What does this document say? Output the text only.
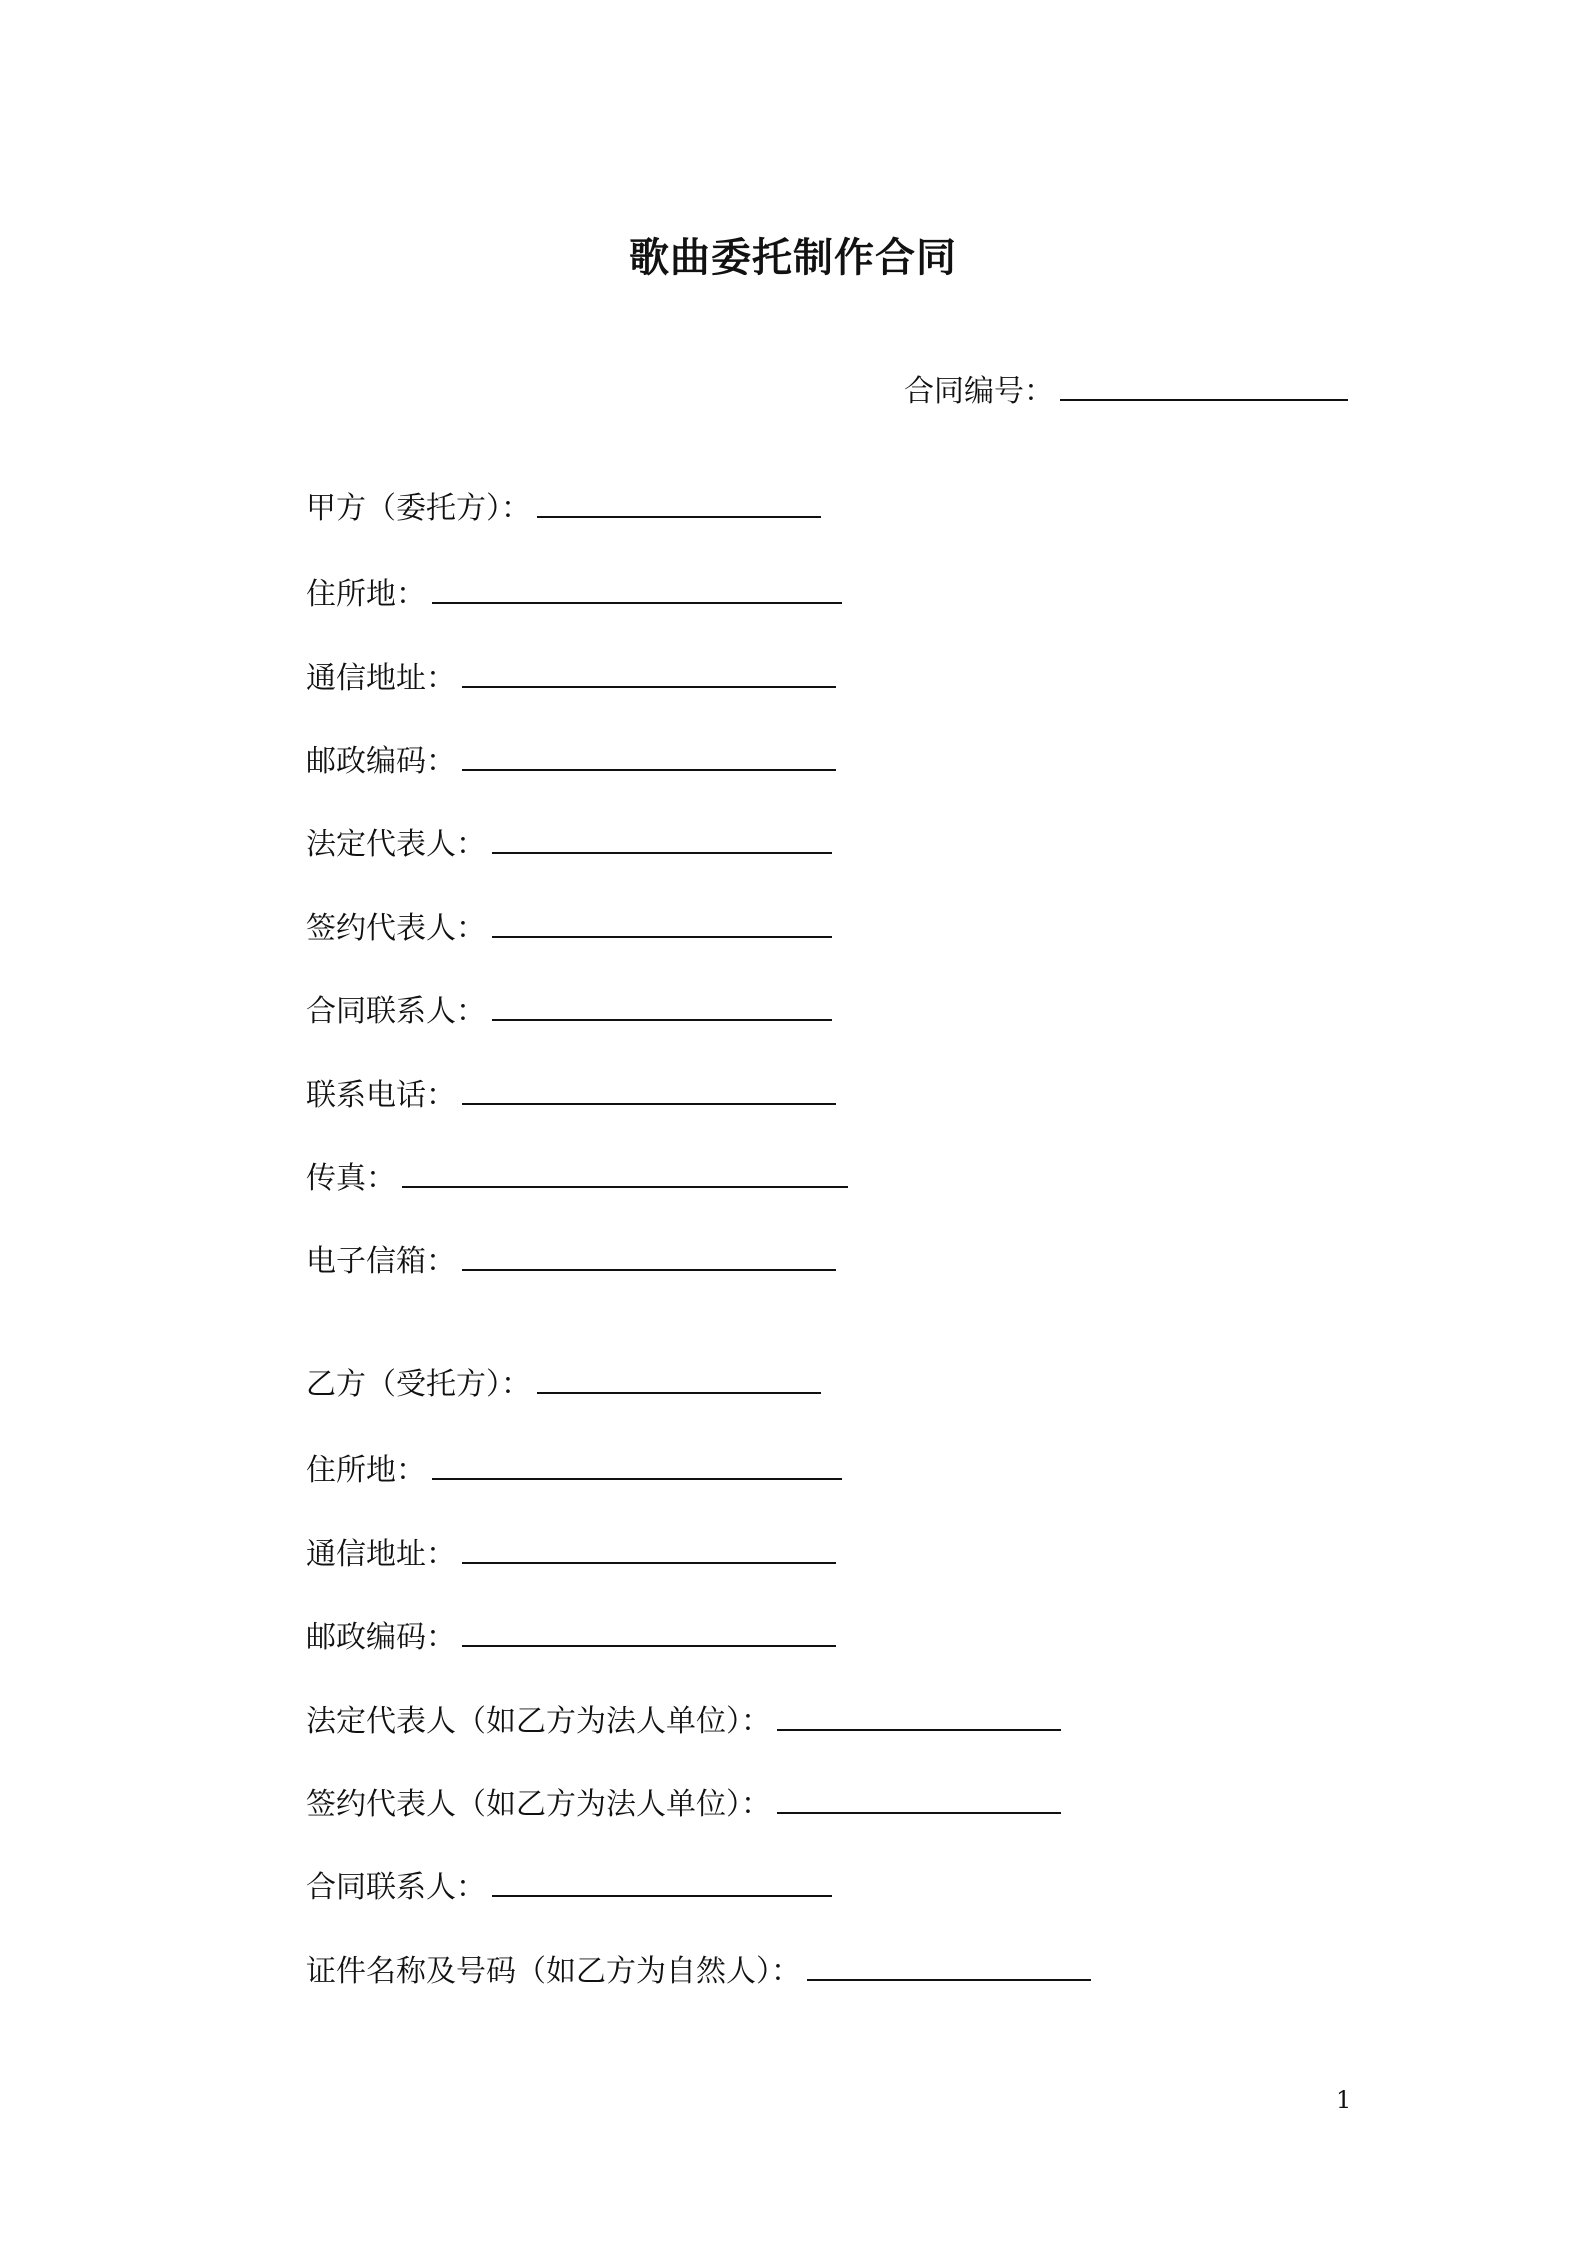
歌曲委托制作合同
合同编号：
甲方（委托方）：
住所地：
通信地址：
邮政编码：
法定代表人：
签约代表人：
合同联系人：
联系电话：
传真：
电子信箱：
乙方（受托方）：
住所地：
通信地址：
邮政编码：
法定代表人（如乙方为法人单位）：
签约代表人（如乙方为法人单位）：
合同联系人：
证件名称及号码（如乙方为自然人）：
1
